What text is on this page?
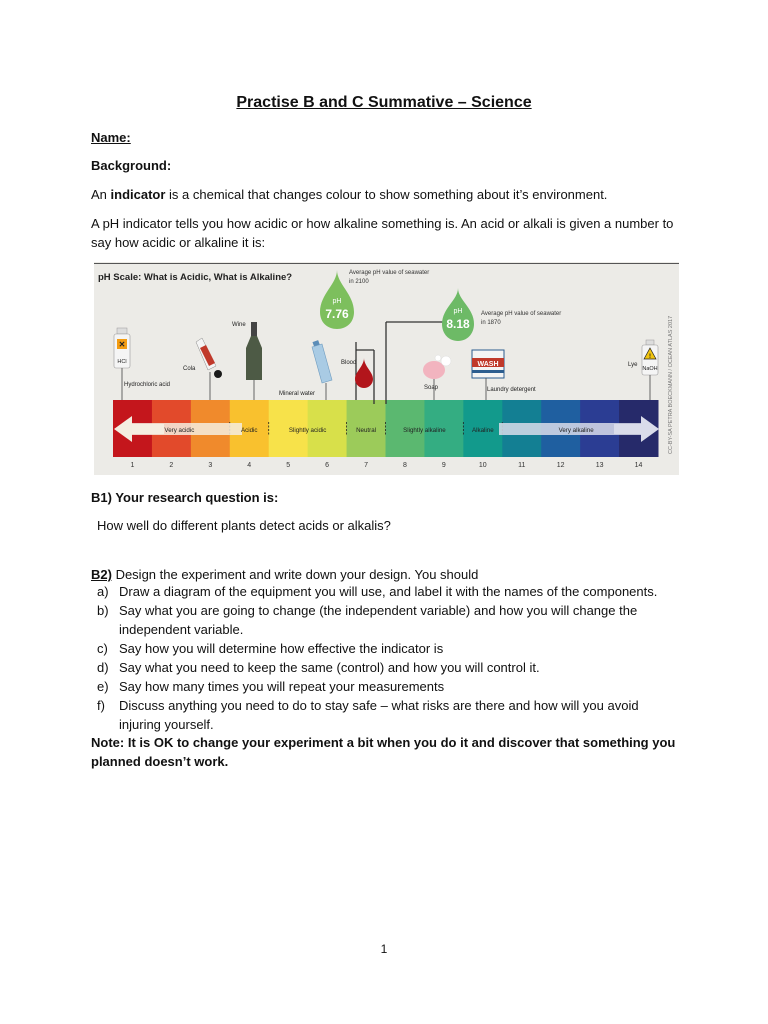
Practise B and C Summative – Science
Name:
Background:
An indicator is a chemical that changes colour to show something about it’s environment.
A pH indicator tells you how acidic or how alkaline something is. An acid or alkali is given a number to say how acidic or alkaline it is:
pH Scale: What is Acidic, What is Alkaline?
CC-BY-SA PETRA BOECKMANN / OCEAN ATLAS 2017
Very acidic	Acidic	Slightly acidic	Neutral	Slightly alkaline	Alkaline	Very alkaline
1	2	3	4	5	6	7	8	9	10	11	12	13	14
pH
7.76
Average pH value of seawater
in 2100
pH
8.18
Average pH value of seawater
in 1870
✕
HCl
Hydrochloric acid
Cola
Wine
Mineral water
Blood
Soap
WASH
Laundry detergent
!
NaOH
Lye
B1) Your research question is:
How well do different plants detect acids or alkalis?
B2) Design the experiment and write down your design. You should
a) Draw a diagram of the equipment you will use, and label it with the names of the components.
b) Say what you are going to change (the independent variable) and how you will change the independent variable.
c) Say how you will determine how effective the indicator is
d) Say what you need to keep the same (control) and how you will control it.
e) Say how many times you will repeat your measurements
f) Discuss anything you need to do to stay safe – what risks are there and how will you avoid injuring yourself.
Note: It is OK to change your experiment a bit when you do it and discover that something you planned doesn’t work.
1
